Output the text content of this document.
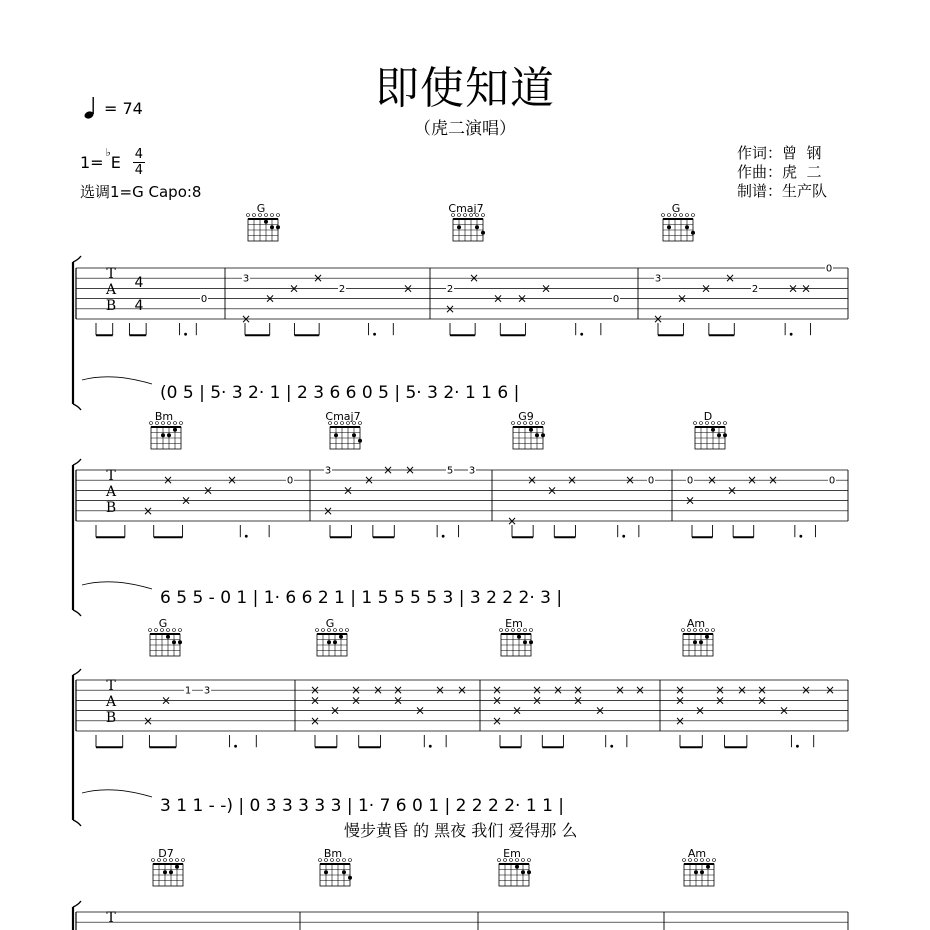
即使知道
（虎二演唱）
= 74
1=
♭
E $\frac{4}{4}$
选调1=G Capo:8
作词：曾  钢
作曲：虎  二
制谱：生产队
G	Cmaj7	G
T
A
B
4
4	0
3
×
×
×
2	×	2
×
× ×
×
0
3
×
×
×
2 × ×
0
×
×
×
(0 5 | 5· 3 2· 1 | 2 3 6 6 0 5 | 5· 3 2· 1 1 6 |
Bm	Cmaj7	G9	D
T
A
B
×
×
×
×	0
3
×
×
× ×	5 3
×
×
×	× 0	0 ×
×
× ×	0
×	×
×
×
6 5 5 - 0 1 | 1· 6 6 2 1 | 1 5 5 5 5 3 | 3 2 2 2· 3 |
G	G	Em	Am
T
A
B
×
1 3	×
×
×
×
×
× ×
×
×
× × ×
×
×
×
×
× ×
×
×
× × ×
×
×
×
×
× ×
×
×
× ×
×	×	×	×
3 1 1 - -) | 0 3 3 3 3 3 | 1· 7 6 0 1 | 2 2 2 2· 1 1 |
慢步黄昏 的 黑夜 我们 爱得那 么
D7	Bm	Em	Am
T
